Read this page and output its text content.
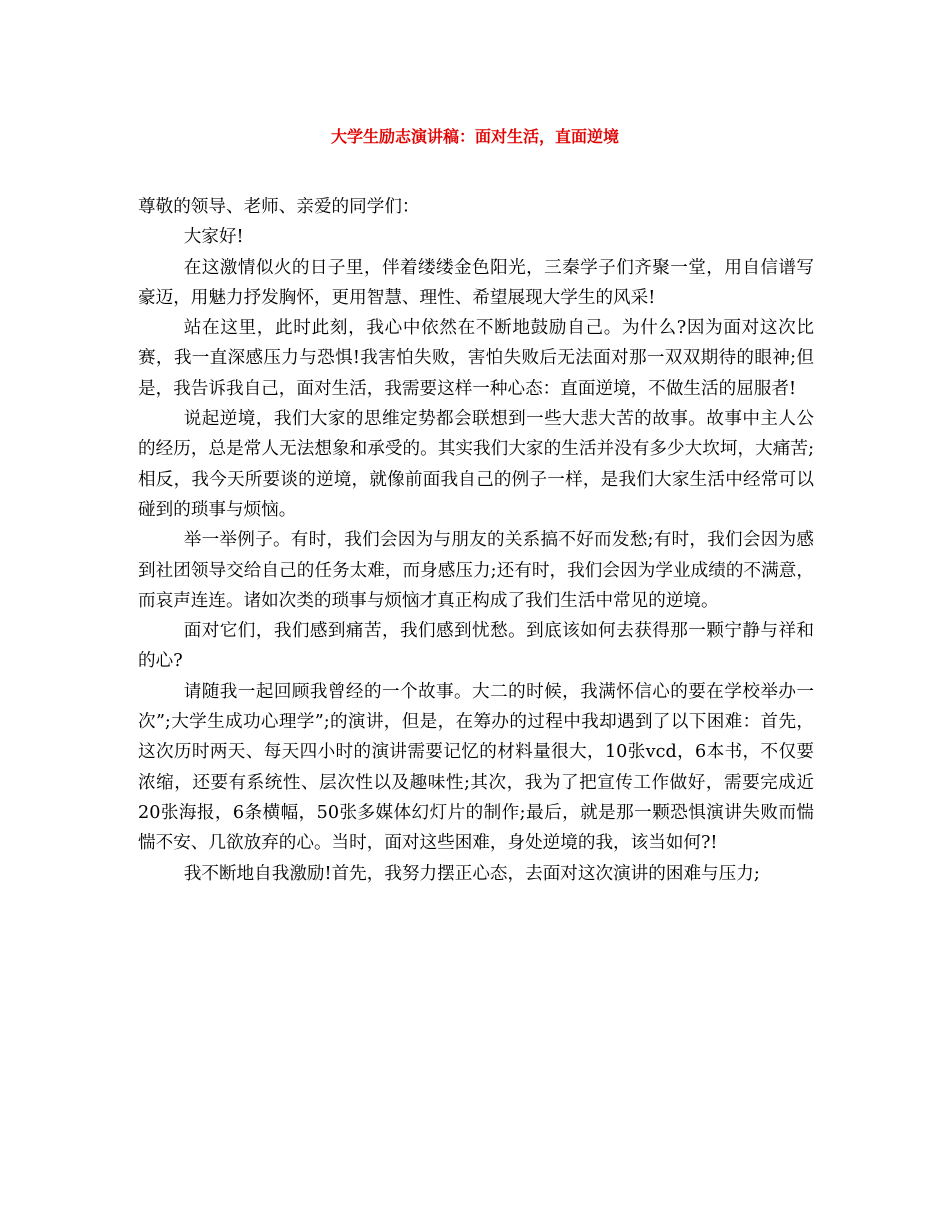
大学生励志演讲稿：面对生活，直面逆境

尊敬的领导、老师、亲爱的同学们：

大家好!

在这激情似火的日子里，伴着缕缕金色阳光，三秦学子们齐聚一堂，用自信谱写豪迈，用魅力抒发胸怀，更用智慧、理性、希望展现大学生的风采!

站在这里，此时此刻，我心中依然在不断地鼓励自己。为什么?因为面对这次比赛，我一直深感压力与恐惧!我害怕失败，害怕失败后无法面对那一双双期待的眼神;但是，我告诉我自己，面对生活，我需要这样一种心态：直面逆境，不做生活的屈服者!

说起逆境，我们大家的思维定势都会联想到一些大悲大苦的故事。故事中主人公的经历，总是常人无法想象和承受的。其实我们大家的生活并没有多少大坎坷，大痛苦;相反，我今天所要谈的逆境，就像前面我自己的例子一样，是我们大家生活中经常可以碰到的琐事与烦恼。

举一举例子。有时，我们会因为与朋友的关系搞不好而发愁;有时，我们会因为感到社团领导交给自己的任务太难，而身感压力;还有时，我们会因为学业成绩的不满意，而哀声连连。诸如次类的琐事与烦恼才真正构成了我们生活中常见的逆境。

面对它们，我们感到痛苦，我们感到忧愁。到底该如何去获得那一颗宁静与祥和的心?

请随我一起回顾我曾经的一个故事。大二的时候，我满怀信心的要在学校举办一次”;大学生成功心理学”;的演讲，但是，在筹办的过程中我却遇到了以下困难：首先，这次历时两天、每天四小时的演讲需要记忆的材料量很大，10张vcd，6本书，不仅要浓缩，还要有系统性、层次性以及趣味性;其次，我为了把宣传工作做好，需要完成近20张海报，6条横幅，50张多媒体幻灯片的制作;最后，就是那一颗恐惧演讲失败而惴惴不安、几欲放弃的心。当时，面对这些困难，身处逆境的我，该当如何?!

我不断地自我激励!首先，我努力摆正心态，去面对这次演讲的困难与压力;
